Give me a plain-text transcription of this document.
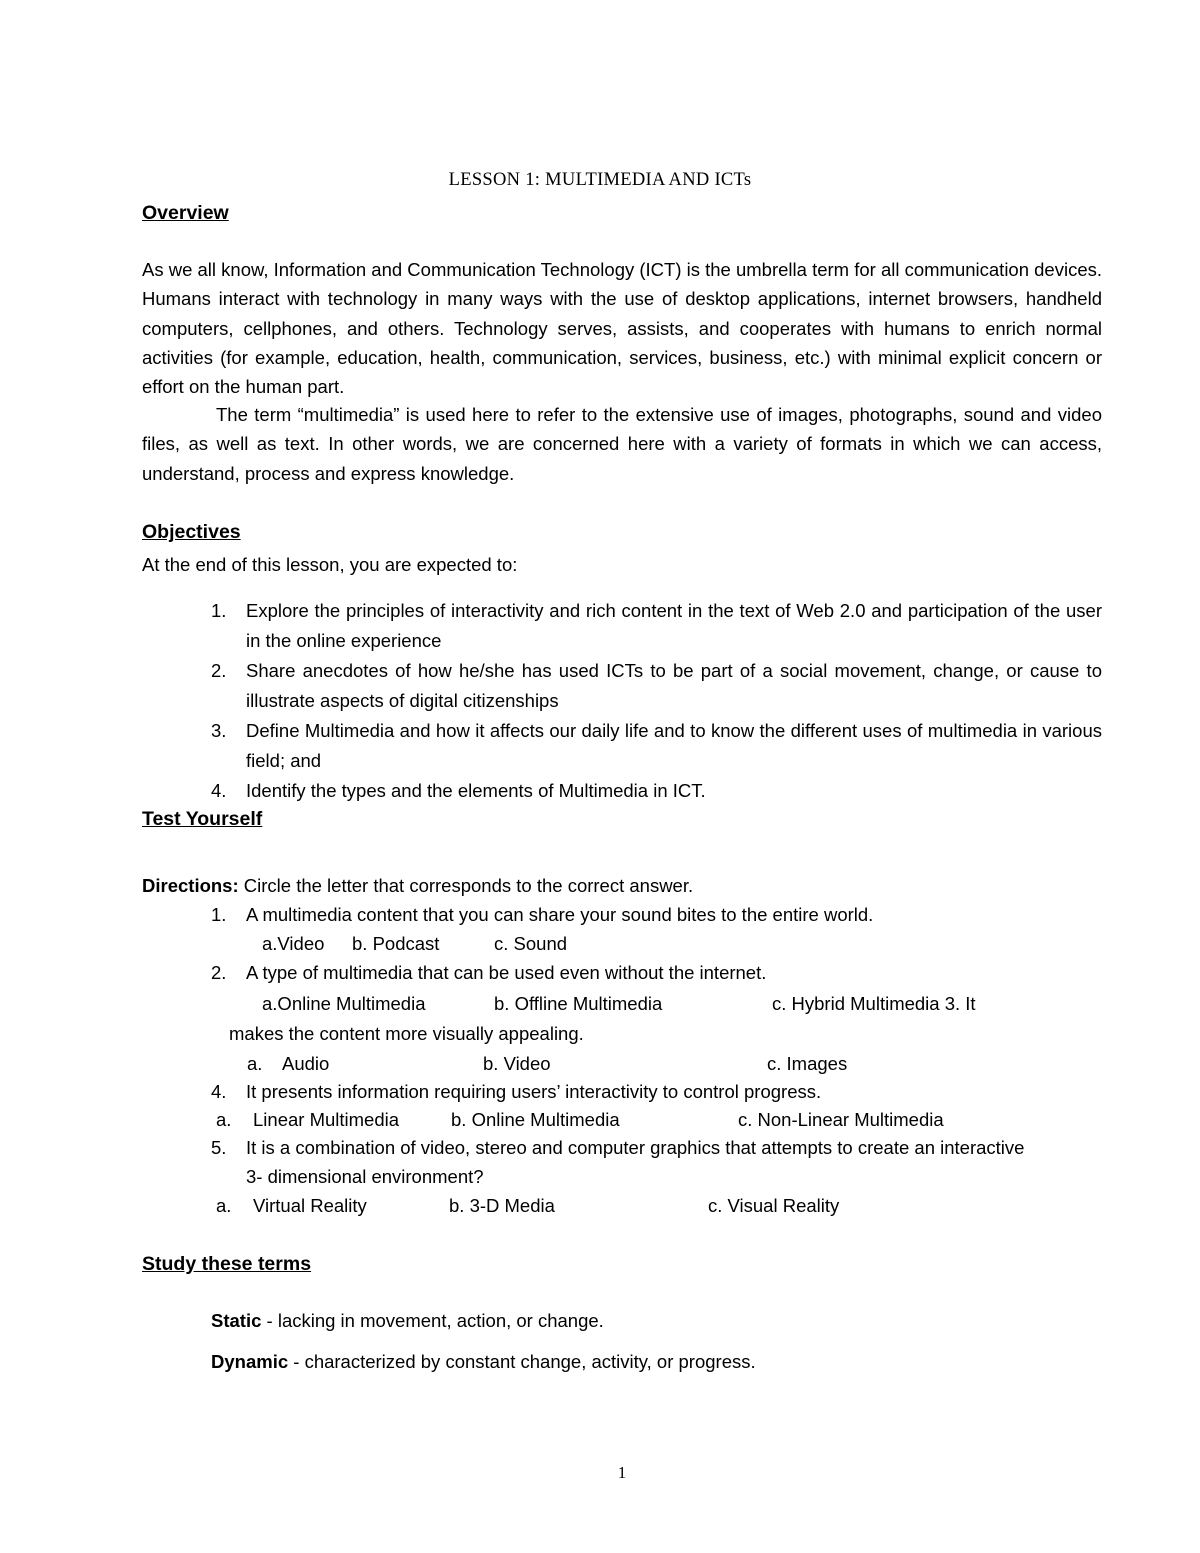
LESSON 1: MULTIMEDIA AND ICTs

Overview

As we all know, Information and Communication Technology (ICT) is the umbrella term for all communication devices. Humans interact with technology in many ways with the use of desktop applications, internet browsers, handheld computers, cellphones, and others. Technology serves, assists, and cooperates with humans to enrich normal activities (for example, education, health, communication, services, business, etc.) with minimal explicit concern or effort on the human part.

The term “multimedia” is used here to refer to the extensive use of images, photographs, sound and video files, as well as text. In other words, we are concerned here with a variety of formats in which we can access, understand, process and express knowledge.

Objectives

At the end of this lesson, you are expected to:

1. Explore the principles of interactivity and rich content in the text of Web 2.0 and participation of the user in the online experience

2. Share anecdotes of how he/she has used ICTs to be part of a social movement, change, or cause to illustrate aspects of digital citizenships

3. Define Multimedia and how it affects our daily life and to know the different uses of multimedia in various field; and

4. Identify the types and the elements of Multimedia in ICT.

Test Yourself

Directions: Circle the letter that corresponds to the correct answer.

1. A multimedia content that you can share your sound bites to the entire world.
a.Video b. Podcast	c. Sound
2. A type of multimedia that can be used even without the internet.
a.Online Multimedia	b. Offline Multimedia	c. Hybrid Multimedia 3. It
makes the content more visually appealing.
a. Audio	b. Video	c. Images
4. It presents information requiring users’ interactivity to control progress.
a. Linear Multimedia	b. Online Multimedia	c. Non-Linear Multimedia
5. It is a combination of video, stereo and computer graphics that attempts to create an interactive
3- dimensional environment?
a. Virtual Reality	b. 3-D Media	c. Visual Reality

Study these terms

Static - lacking in movement, action, or change.

Dynamic - characterized by constant change, activity, or progress.

1
